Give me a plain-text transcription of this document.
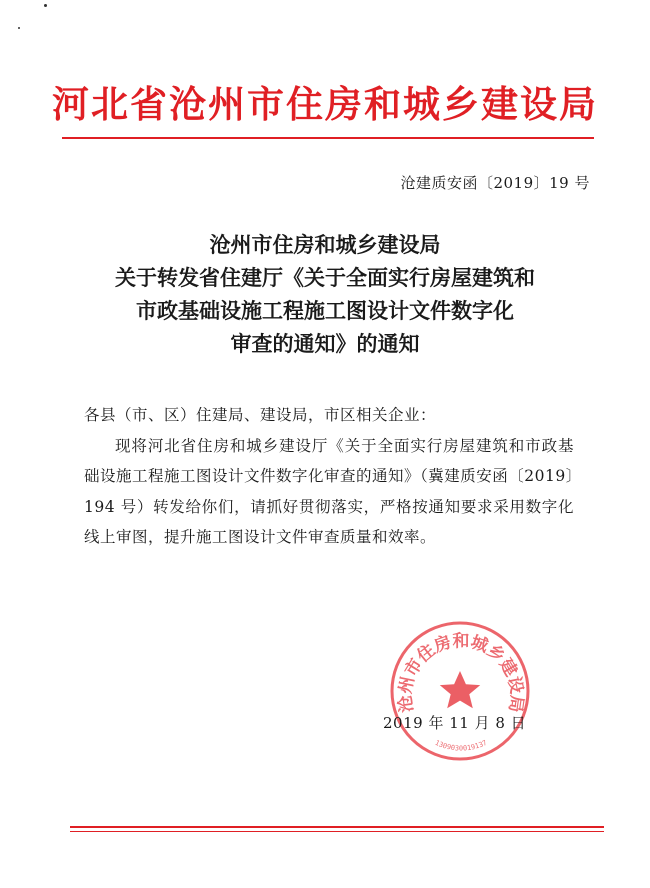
河北省沧州市住房和城乡建设局
沧建质安函〔2019〕19 号
沧州市住房和城乡建设局
关于转发省住建厅《关于全面实行房屋建筑和
市政基础设施工程施工图设计文件数字化
审查的通知》的通知

各县（市、区）住建局、建设局，市区相关企业：

现将河北省住房和城乡建设厅《关于全面实行房屋建筑和市政基础设施工程施工图设计文件数字化审查的通知》（冀建质安函〔2019〕194 号）转发给你们，请抓好贯彻落实，严格按通知要求采用数字化线上审图，提升施工图设计文件审查质量和效率。

沧州市住房和城乡建设局
1309030019137
2019 年 11 月 8 日
